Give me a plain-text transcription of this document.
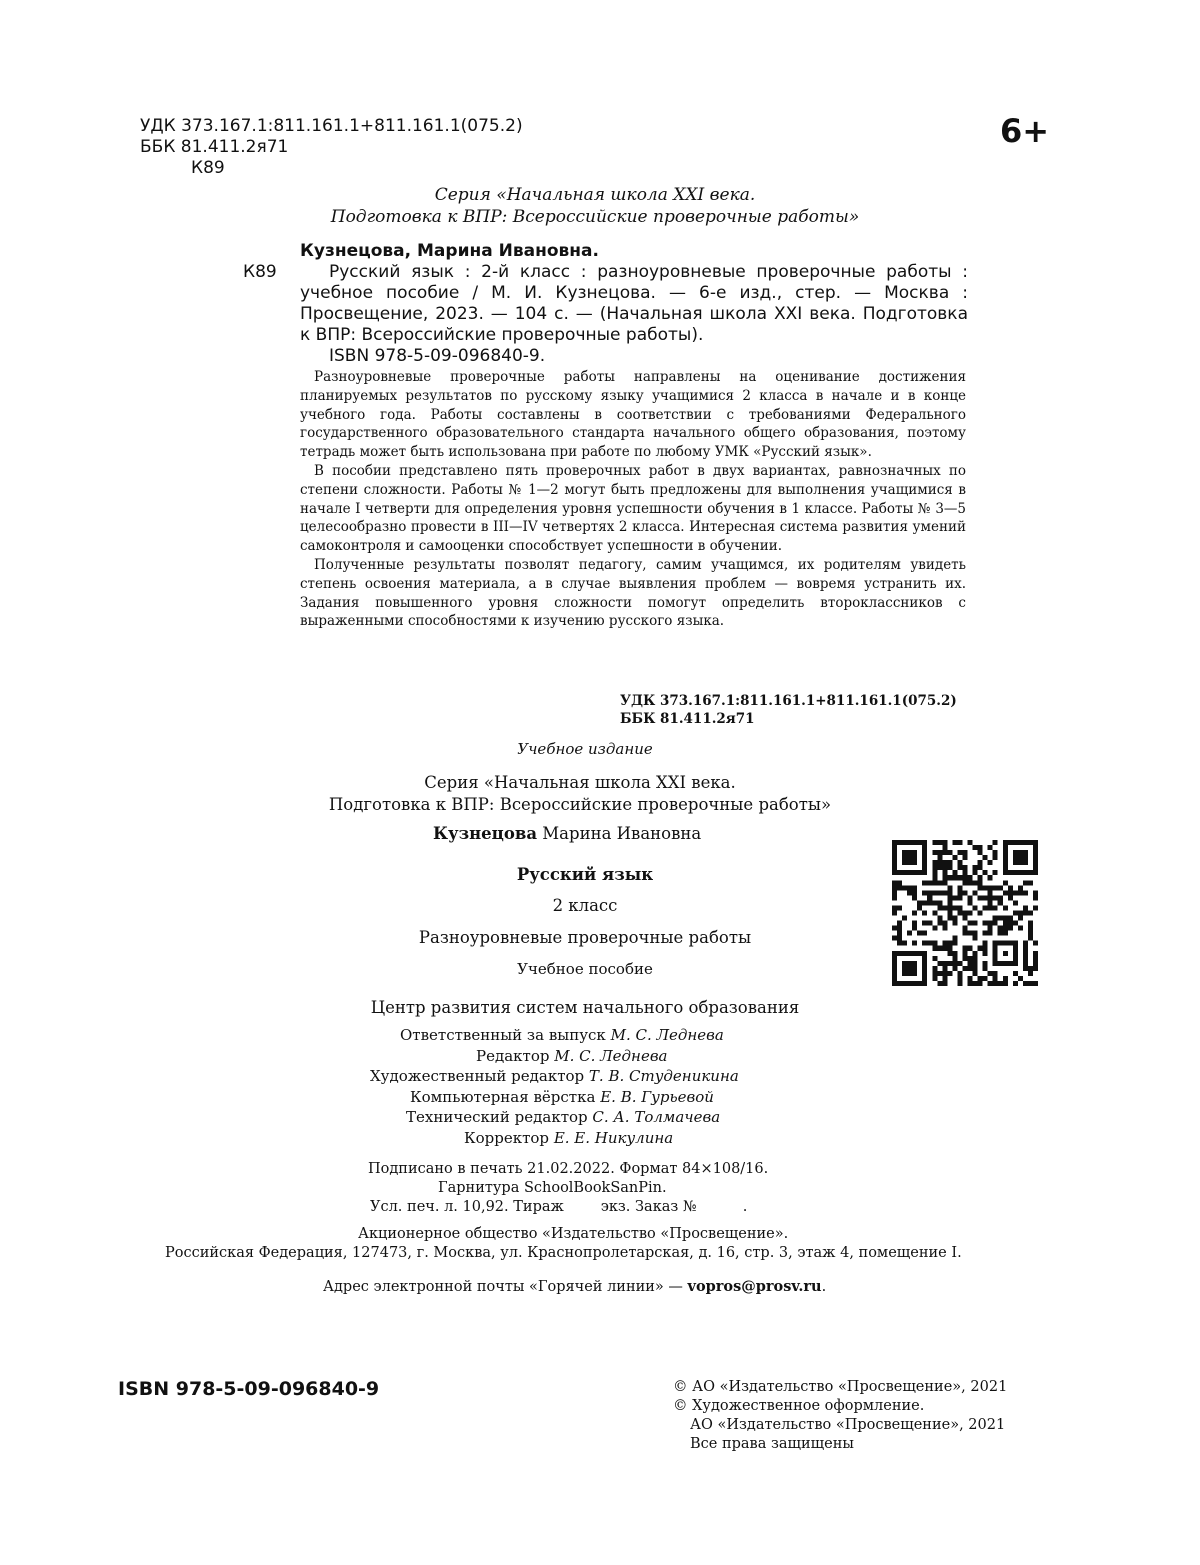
УДК 373.167.1:811.161.1+811.161.1(075.2)
ББК 81.411.2я71
К89
6+
Серия «Начальная школа XXI века.
Подготовка к ВПР: Всероссийские проверочные работы»
Кузнецова, Марина Ивановна.
К89	Русский язык : 2-й класс : разноуровневые проверочные работы : учебное пособие / М. И. Кузнецова. — 6-е изд., стер. — Москва : Просвещение, 2023. — 104 с. — (Начальная школа XXI века. Подготовка к ВПР: Всероссийские проверочные работы).
ISBN 978-5-09-096840-9.

Разноуровневые проверочные работы направлены на оценивание достижения планируемых результатов по русскому языку учащимися 2 класса в начале и в конце учебного года. Работы составлены в соответствии с требованиями Федерального государственного образовательного стандарта начального общего образования, поэтому тетрадь может быть использована при работе по любому УМК «Русский язык».

В пособии представлено пять проверочных работ в двух вариантах, равнозначных по степени сложности. Работы № 1—2 могут быть предложены для выполнения учащимися в начале I четверти для определения уровня успешности обучения в 1 классе. Работы № 3—5 целесообразно провести в III—IV четвертях 2 класса. Интересная система развития умений самоконтроля и самооценки способствует успешности в обучении.

Полученные результаты позволят педагогу, самим учащимся, их родителям увидеть степень освоения материала, а в случае выявления проблем — вовремя устранить их. Задания повышенного уровня сложности помогут определить второклассников с выраженными способностями к изучению русского языка.

УДК 373.167.1:811.161.1+811.161.1(075.2)
ББК 81.411.2я71
Учебное издание
Серия «Начальная школа XXI века.
Подготовка к ВПР: Всероссийские проверочные работы»
Кузнецова Марина Ивановна
Русский язык
2 класс
Разноуровневые проверочные работы
Учебное пособие
Центр развития систем начального образования
Ответственный за выпуск М. С. Леднева
Редактор М. С. Леднева
Художественный редактор Т. В. Студеникина
Компьютерная вёрстка Е. В. Гурьевой
Технический редактор С. А. Толмачева
Корректор Е. Е. Никулина
Подписано в печать 21.02.2022. Формат 84×108/16.
Гарнитура SchoolBookSanPin.
Усл. печ. л. 10,92. Тираж        экз. Заказ №          .
Акционерное общество «Издательство «Просвещение».
Российская Федерация, 127473, г. Москва, ул. Краснопролетарская, д. 16, стр. 3, этаж 4, помещение I.
Адрес электронной почты «Горячей линии» — vopros@prosv.ru.
ISBN 978-5-09-096840-9	© АО «Издательство «Просвещение», 2021
© Художественное оформление.
АО «Издательство «Просвещение», 2021
Все права защищены
